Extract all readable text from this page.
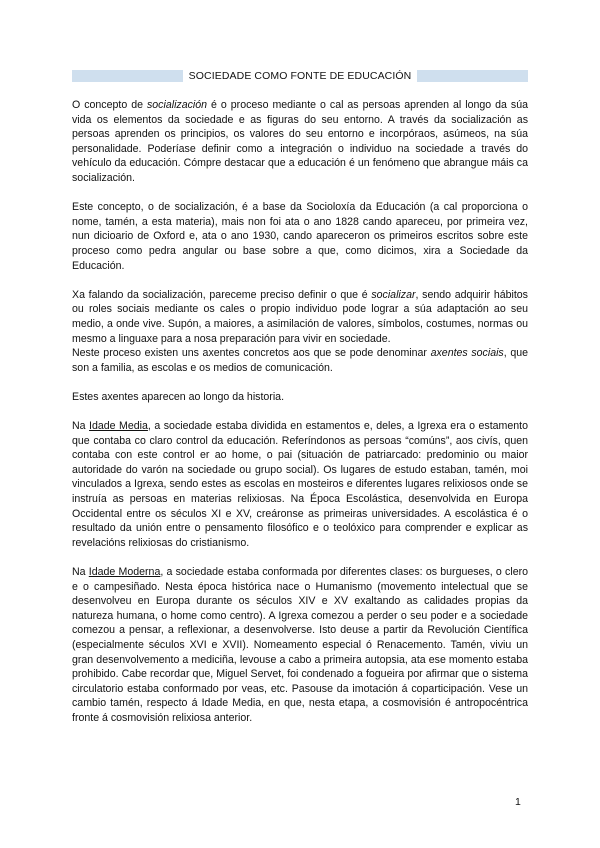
SOCIEDADE COMO FONTE DE EDUCACIÓN

O concepto de socialización é o proceso mediante o cal as persoas aprenden al longo da súa vida os elementos da sociedade e as figuras do seu entorno. A través da socialización as persoas aprenden os principios, os valores do seu entorno e incorpóraos, asúmeos, na súa personalidade. Poderíase definir como a integración o individuo na sociedade a través do vehículo da educación. Cómpre destacar que a educación é un fenómeno que abrangue máis ca socialización.

Este concepto, o de socialización, é a base da Socioloxía da Educación (a cal proporciona o nome, tamén, a esta materia), mais non foi ata o ano 1828 cando apareceu, por primeira vez, nun dicioario de Oxford e, ata o ano 1930, cando apareceron os primeiros escritos sobre este proceso como pedra angular ou base sobre a que, como dicimos, xira a Sociedade da Educación.

Xa falando da socialización, pareceme preciso definir o que é socializar, sendo adquirir hábitos ou roles sociais mediante os cales o propio individuo pode lograr a súa adaptación ao seu medio, a onde vive. Supón, a maiores, a asimilación de valores, símbolos, costumes, normas ou mesmo a linguaxe para a nosa preparación para vivir en sociedade.

Neste proceso existen uns axentes concretos aos que se pode denominar axentes sociais, que son a familia, as escolas e os medios de comunicación.

Estes axentes aparecen ao longo da historia.

Na Idade Media, a sociedade estaba dividida en estamentos e, deles, a Igrexa era o estamento que contaba co claro control da educación. Referíndonos as persoas “comúns”, aos civís, quen contaba con este control er ao home, o pai (situación de patriarcado: predominio ou maior autoridade do varón na sociedade ou grupo social). Os lugares de estudo estaban, tamén, moi vinculados a Igrexa, sendo estes as escolas en mosteiros e diferentes lugares relixiosos onde se instruía as persoas en materias relixiosas. Na Época Escolástica, desenvolvida en Europa Occidental entre os séculos XI e XV, creáronse as primeiras universidades. A escolástica é o resultado da unión entre o pensamento filosófico e o teolóxico para comprender e explicar as revelacións relixiosas do cristianismo.

Na Idade Moderna, a sociedade estaba conformada por diferentes clases: os burgueses, o clero e o campesiñado. Nesta época histórica nace o Humanismo (movemento intelectual que se desenvolveu en Europa durante os séculos XIV e XV exaltando as calidades propias da natureza humana, o home como centro). A Igrexa comezou a perder o seu poder e a sociedade comezou a pensar, a reflexionar, a desenvolverse. Isto deuse a partir da Revolución Científica (especialmente séculos XVI e XVII). Nomeamento especial ó Renacemento. Tamén, viviu un gran desenvolvemento a mediciña, levouse a cabo a primeira autopsia, ata ese momento estaba prohibido. Cabe recordar que, Miguel Servet, foi condenado a fogueira por afirmar que o sistema circulatorio estaba conformado por veas, etc. Pasouse da imotación á coparticipación. Vese un cambio tamén, respecto á Idade Media, en que, nesta etapa, a cosmovisión é antropocéntrica fronte á cosmovisión relixiosa anterior.

1
